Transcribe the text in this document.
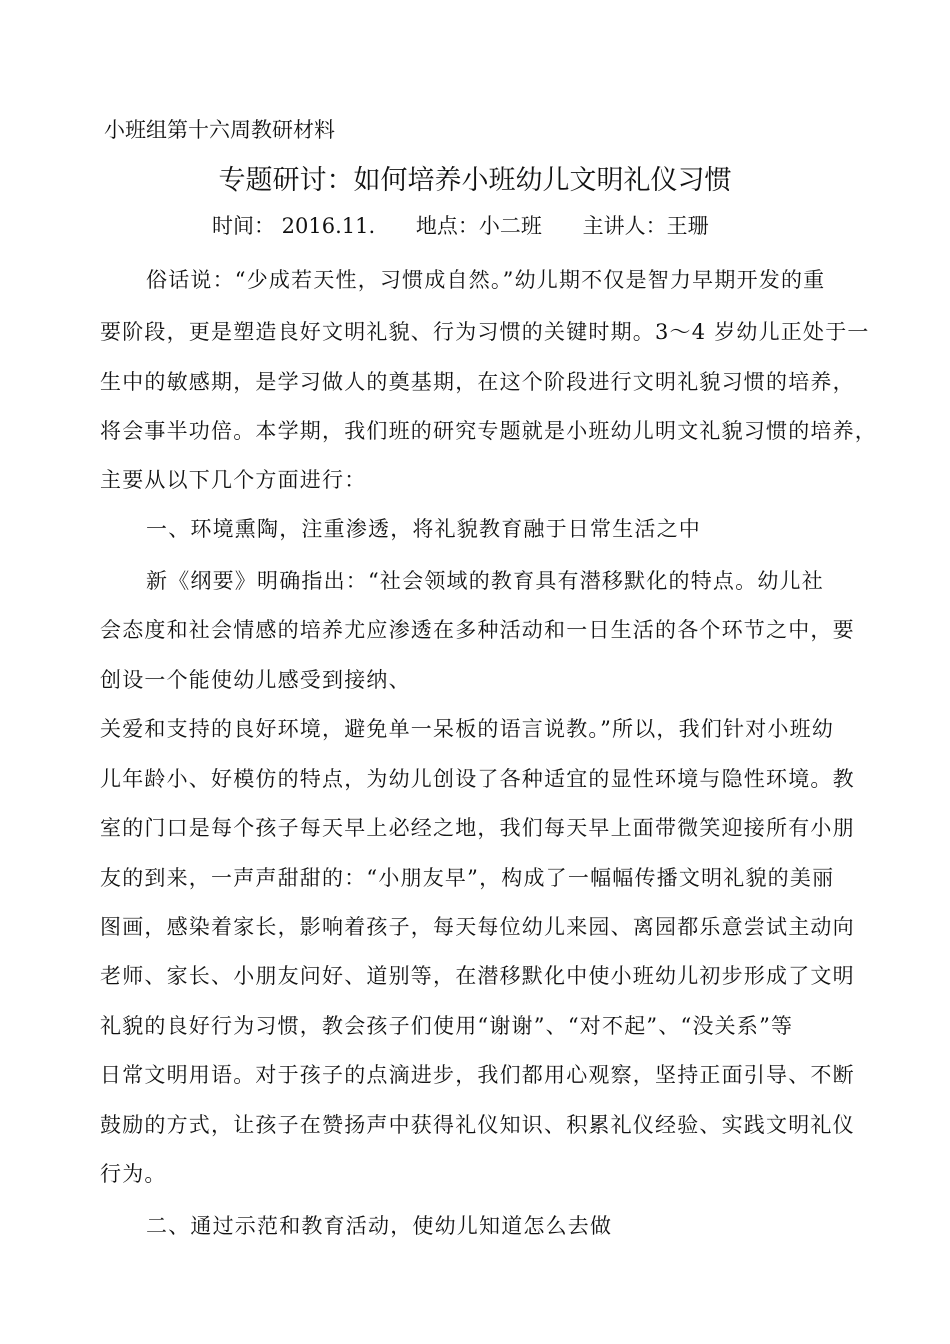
小班组第十六周教研材料
专题研讨：如何培养小班幼儿文明礼仪习惯
时间： 2016.11. 地点：小二班 主讲人：王珊
俗话说：“少成若天性，习惯成自然。”幼儿期不仅是智力早期开发的重
要阶段，更是塑造良好文明礼貌、行为习惯的关键时期。3～4 岁幼儿正处于一
生中的敏感期，是学习做人的奠基期，在这个阶段进行文明礼貌习惯的培养，
将会事半功倍。本学期，我们班的研究专题就是小班幼儿明文礼貌习惯的培养，
主要从以下几个方面进行：
一、环境熏陶，注重渗透，将礼貌教育融于日常生活之中
新《纲要》明确指出：“社会领域的教育具有潜移默化的特点。幼儿社
会态度和社会情感的培养尤应渗透在多种活动和一日生活的各个环节之中，要
创设一个能使幼儿感受到接纳、
关爱和支持的良好环境，避免单一呆板的语言说教。”所以，我们针对小班幼
儿年龄小、好模仿的特点，为幼儿创设了各种适宜的显性环境与隐性环境。教
室的门口是每个孩子每天早上必经之地，我们每天早上面带微笑迎接所有小朋
友的到来，一声声甜甜的：“小朋友早”，构成了一幅幅传播文明礼貌的美丽
图画，感染着家长，影响着孩子，每天每位幼儿来园、离园都乐意尝试主动向
老师、家长、小朋友问好、道别等，在潜移默化中使小班幼儿初步形成了文明
礼貌的良好行为习惯，教会孩子们使用“谢谢”、“对不起”、“没关系”等
日常文明用语。对于孩子的点滴进步，我们都用心观察，坚持正面引导、不断
鼓励的方式，让孩子在赞扬声中获得礼仪知识、积累礼仪经验、实践文明礼仪
行为。
二、通过示范和教育活动，使幼儿知道怎么去做
